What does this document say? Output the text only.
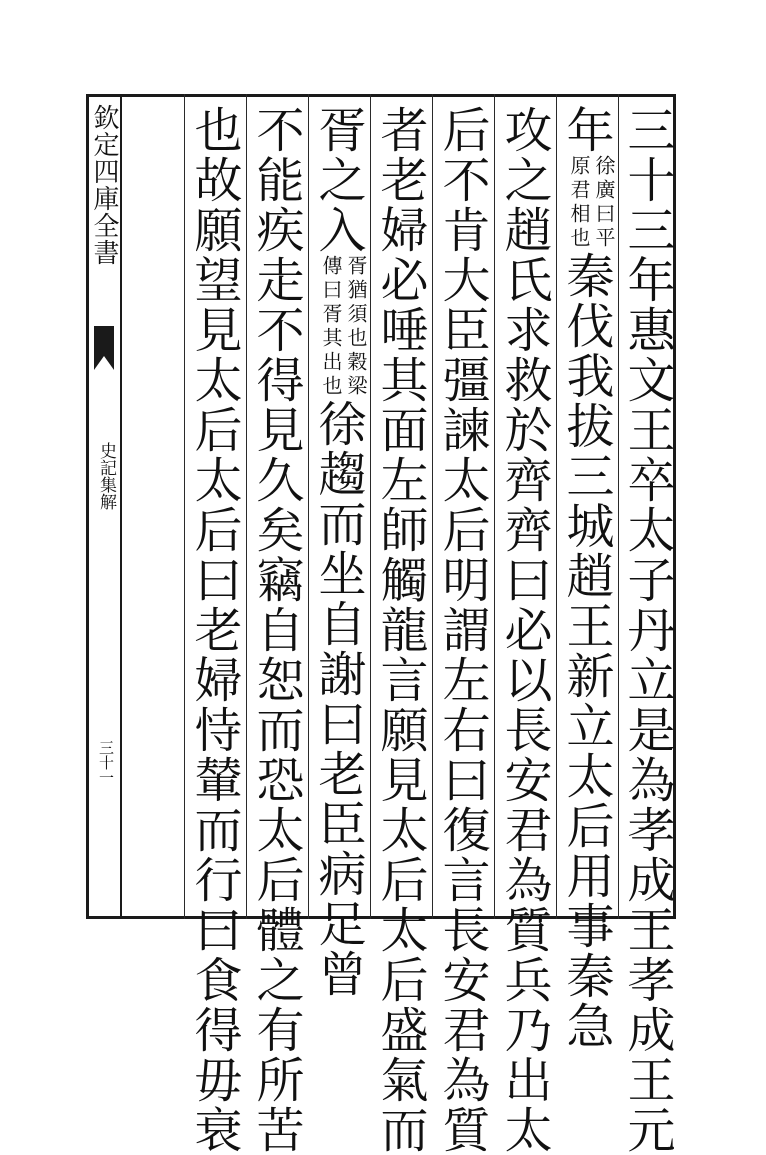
欽定四庫全書
史記集解
三十一	三十三年惠文王卒太子丹立是為孝成王孝成王元
年
徐廣曰平
原君相也
秦伐我拔三城趙王新立太后用事秦急
攻之趙氏求救於齊齊曰必以長安君為質兵乃出太
后不肯大臣彊諫太后明謂左右曰復言長安君為質
者老婦必唾其面左師觸龍言願見太后太后盛氣而
胥之入
胥猶須也穀梁
傳曰胥其出也
徐趨而坐自謝曰老臣病足曾
不能疾走不得見久矣竊自恕而恐太后體之有所苦
也故願望見太后太后曰老婦恃輦而行曰食得毋衰
